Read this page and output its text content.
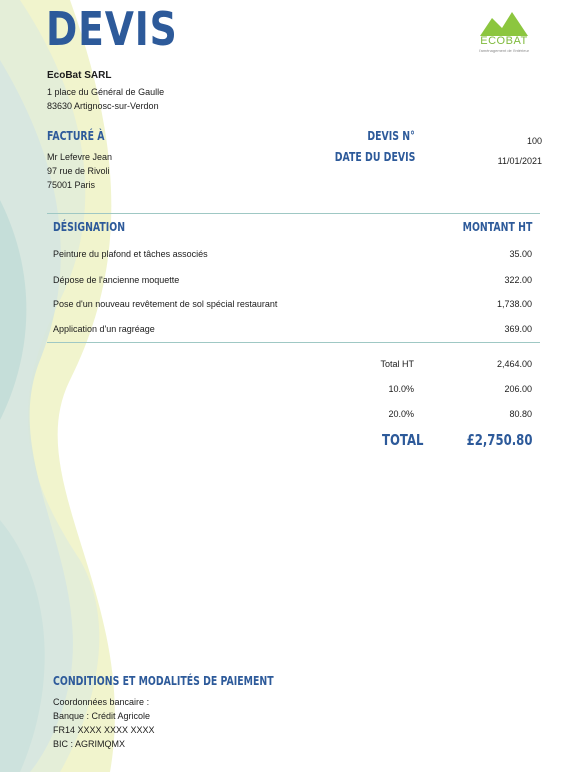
DEVIS	ECOBAT
l'aménagement de l'intérieur
EcoBat SARL
1 place du Général de Gaulle
83630 Artignosc-sur-Verdon
FACTURÉ À
Mr Lefevre Jean
97 rue de Rivoli
75001 Paris
DEVIS N°	100
DATE DU DEVIS	11/01/2021
DÉSIGNATION	MONTANT HT
Peinture du plafond et tâches associés	35.00
Dépose de l'ancienne moquette	322.00
Pose d'un nouveau revêtement de sol spécial restaurant	1,738.00
Application d'un ragréage	369.00
Total HT	2,464.00
10.0%	206.00
20.0%	80.80
TOTAL	£2,750.80
CONDITIONS ET MODALITÉS DE PAIEMENT
Coordonnées bancaire :
Banque : Crédit Agricole
FR14 XXXX XXXX XXXX
BIC : AGRIMQMX
